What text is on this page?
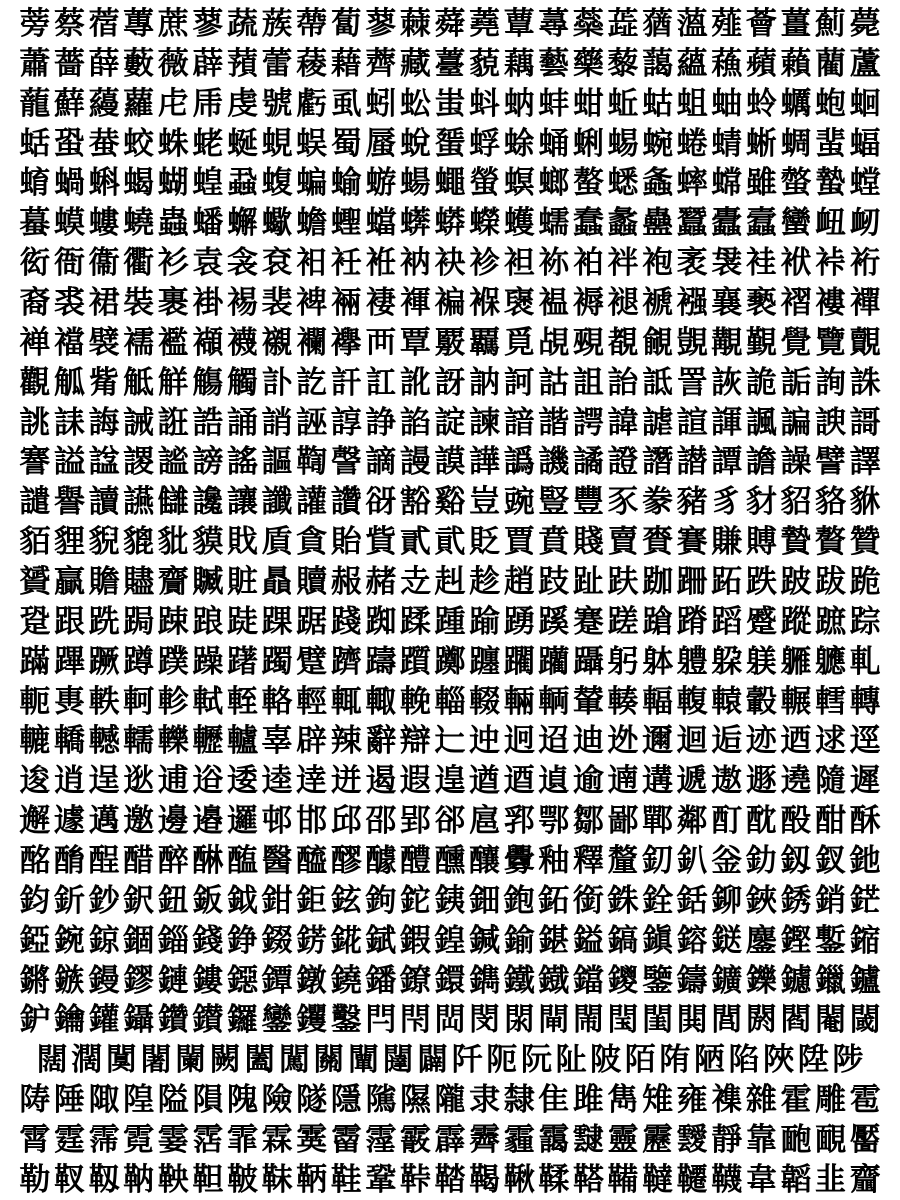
蒡 蔡 蓿 蓴 蔗 蓼 蔬 蔟 蔕 蔔 蓼 蕀 蕣 蕘 蕈 蕁 蘂 蕋 蕕 薀 薤 薈 薑 薊 薨
蕭 薔 薛 藪 薇 薜 蕷 蕾 薐 藉 薺 藏 薹 藐 藕 藝 藥 藜 藹 蘊 蘓 蘋 藾 藺 蘆
蘢 蘚 蘰 蘿 虍 乕 虔 號 虧 虱 蚓 蚣 蚩 蚪 蚋 蚌 蚶 蚯 蛄 蛆 蚰 蛉 蠣 蚫 蛔
蛞 蛩 蛬 蛟 蛛 蛯 蜒 蜆 蜈 蜀 蜃 蛻 蜑 蜉 蜍 蛹 蜊 蜴 蜿 蜷 蜻 蜥 蜩 蜚 蝠
蜟 蝸 蝌 蝎 蝴 蝗 蝨 蝮 蝙 蝓 蝣 蝪 蠅 螢 螟 螂 螯 蟋 螽 蟀 蟐 雖 螫 蟄 螳
蟇 蟆 螻 蟯 蟲 蟠 蠏 蠍 蟾 蟶 蟷 蠎 蟒 蠑 蠖 蠕 蠢 蠡 蠱 蠶 蠹 蠧 蠻 衄 衂
衒 衙 衞 衢 衫 袁 衾 袞 衵 衽 袵 衲 袂 袗 袒 袮 袙 袢 袍 袤 袰 袿 袱 裃 裄
裔 裘 裙 裝 裹 褂 裼 裴 裨 裲 褄 褌 褊 褓 襃 褞 褥 褪 褫 襁 襄 褻 褶 褸 襌
褝 襠 襞 襦 襤 襭 襪 襯 襴 襷 襾 覃 覈 覊 覓 覘 覡 覩 覦 覬 覯 覲 覺 覽 覿
觀 觚 觜 觝 觧 觴 觸 訃 訖 訐 訌 訛 訝 訥 訶 詁 詛 詒 詆 詈 詼 詭 詬 詢 誅
誂 誄 誨 誡 誑 誥 誦 誚 誣 諄 諍 諂 諚 諫 諳 諧 諤 諱 謔 諠 諢 諷 諞 諛 謌
謇 謚 諡 謖 謐 謗 謠 謳 鞫 謦 謫 謾 謨 譁 譌 譏 譎 證 譖 譛 譚 譫 譟 譬 譯
譴 譽 讀 讌 讎 讒 讓 讖 讙 讚 谺 豁 谿 豈 豌 豎 豐 豕 豢 豬 豸 豺 貂 貉 貅
貊 貍 貎 貔 豼 貘 戝 貭 貪 貽 貲 貳 貮 貶 賈 賁 賤 賣 賚 賽 賺 賻 贄 贅 贊
贇 贏 贍 贐 齎 贓 賍 贔 贖 赧 赭 赱 赳 趁 趙 跂 趾 趺 跏 跚 跖 跌 跛 跋 跪
跫 跟 跣 跼 踈 踉 跿 踝 踞 踐 踟 蹂 踵 踰 踴 蹊 蹇 蹉 蹌 蹐 蹈 蹙 蹤 蹠 踪
蹣 蹕 蹶 蹲 蹼 躁 躇 躅 躄 躋 躊 躓 躑 躔 躙 躪 躡 躬 躰 軆 躱 躾 軅 軈 軋
軛 軣 軼 軻 軫 軾 輊 輅 輕 輒 輙 輓 輜 輟 輛 輌 輦 輳 輻 輹 轅 轂 輾 轌 轉
轆 轎 轗 轜 轢 轣 轤 辜 辟 辣 辭 辯 辷 迚 迥 迢 迪 迯 邇 迴 逅 迹 迺 逑 逕
逡 逍 逞 逖 逋 逧 逶 逵 逹 迸 遏 遐 遑 遒 逎 遉 逾 遖 遘 遞 遨 遯 遶 隨 遲
邂 遽 邁 邀 邊 邉 邏 邨 邯 邱 邵 郢 郤 扈 郛 鄂 鄒 鄙 鄲 鄰 酊 酖 酘 酣 酥
酩 酳 酲 醋 醉 醂 醢 醫 醯 醪 醵 醴 醺 釀 釁 釉 釋 釐 釖 釟 釡 釛 釼 釵 釶
鈞 釿 鈔 鈬 鈕 鈑 鉞 鉗 鉅 鉉 鉤 鉈 銕 鈿 鉋 鉐 銜 銖 銓 銛 鉚 鋏 銹 銷 鋩
錏 鋺 鍄 錮 錙 錢 錚 錣 錺 錵 錻 鍜 鍠 鍼 鍮 鍖 鎰 鎬 鎭 鎔 鎹 鏖 鏗 鏨 鏥
鏘 鏃 鏝 鏐 鏈 鏤 鐚 鐔 鐓 鐃 鐇 鐐 鐶 鐫 鐵 鐡 鐺 鑁 鑒 鑄 鑛 鑠 鑢 鑞 鑪
鈩 鑰 鑵 鑷 鑽 鑚 鑼 鑾 钁 鑿 閂 閇 閊 閔 閖 閘 閙 閠 閨 閧 閭 閼 閻 閹 閾
闊 濶 闃 闍 闌 闕 闔 闖 關 闡 闥 闢 阡 阨 阮 阯 陂 陌 陏 陋 陷 陜 陞 陟
陦 陲 陬 隍 隘 隕 隗 險 隧 隱 隲 隰 隴 隶 隸 隹 雎 雋 雉 雍 襍 雜 霍 雕 雹
霄 霆 霈 霓 霎 霑 霏 霖 霙 霤 霪 霰 霹 霽 霾 靄 靆 靈 靂 靉 靜 靠 靤 靦 靨
勒 靫 靱 靹 鞅 靼 鞁 靺 鞆 鞋 鞏 鞐 鞜 鞨 鞦 鞣 鞳 鞴 韃 韆 韈 韋 韜 韭 齏
